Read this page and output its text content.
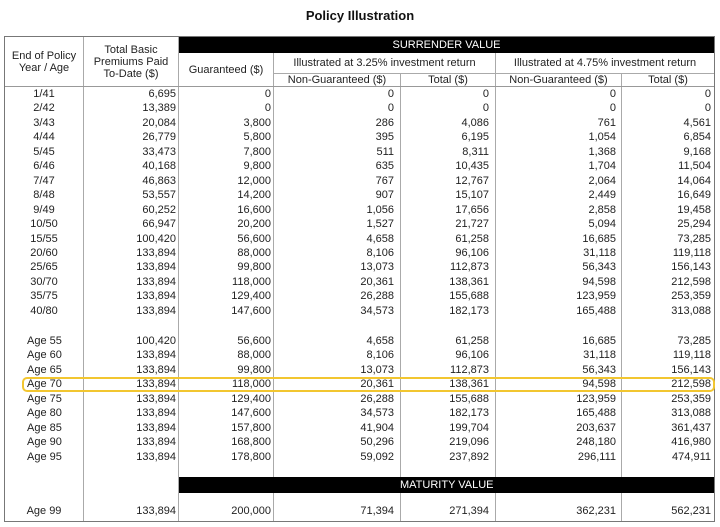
Policy Illustration
SURRENDER VALUE
End of Policy Year / Age
Total Basic Premiums Paid To-Date ($)	Guaranteed ($)
Illustrated at 3.25% investment return	Illustrated at 4.75% investment return
Non-Guaranteed ($)	Total ($)	Non-Guaranteed ($)	Total ($)
1/41	6,695	0	0	0	0	0
2/42	13,389	0	0	0	0	0
3/43	20,084	3,800	286	4,086	761	4,561
4/44	26,779	5,800	395	6,195	1,054	6,854
5/45	33,473	7,800	511	8,311	1,368	9,168
6/46	40,168	9,800	635	10,435	1,704	11,504
7/47	46,863	12,000	767	12,767	2,064	14,064
8/48	53,557	14,200	907	15,107	2,449	16,649
9/49	60,252	16,600	1,056	17,656	2,858	19,458
10/50	66,947	20,200	1,527	21,727	5,094	25,294
15/55	100,420	56,600	4,658	61,258	16,685	73,285
20/60	133,894	88,000	8,106	96,106	31,118	119,118
25/65	133,894	99,800	13,073	112,873	56,343	156,143
30/70	133,894	118,000	20,361	138,361	94,598	212,598
35/75	133,894	129,400	26,288	155,688	123,959	253,359
40/80	133,894	147,600	34,573	182,173	165,488	313,088
Age 55	100,420	56,600	4,658	61,258	16,685	73,285
Age 60	133,894	88,000	8,106	96,106	31,118	119,118
Age 65	133,894	99,800	13,073	112,873	56,343	156,143
Age 70	133,894	118,000	20,361	138,361	94,598	212,598
Age 75	133,894	129,400	26,288	155,688	123,959	253,359
Age 80	133,894	147,600	34,573	182,173	165,488	313,088
Age 85	133,894	157,800	41,904	199,704	203,637	361,437
Age 90	133,894	168,800	50,296	219,096	248,180	416,980
Age 95	133,894	178,800	59,092	237,892	296,111	474,911
MATURITY VALUE
Age 99	133,894	200,000	71,394	271,394	362,231	562,231
